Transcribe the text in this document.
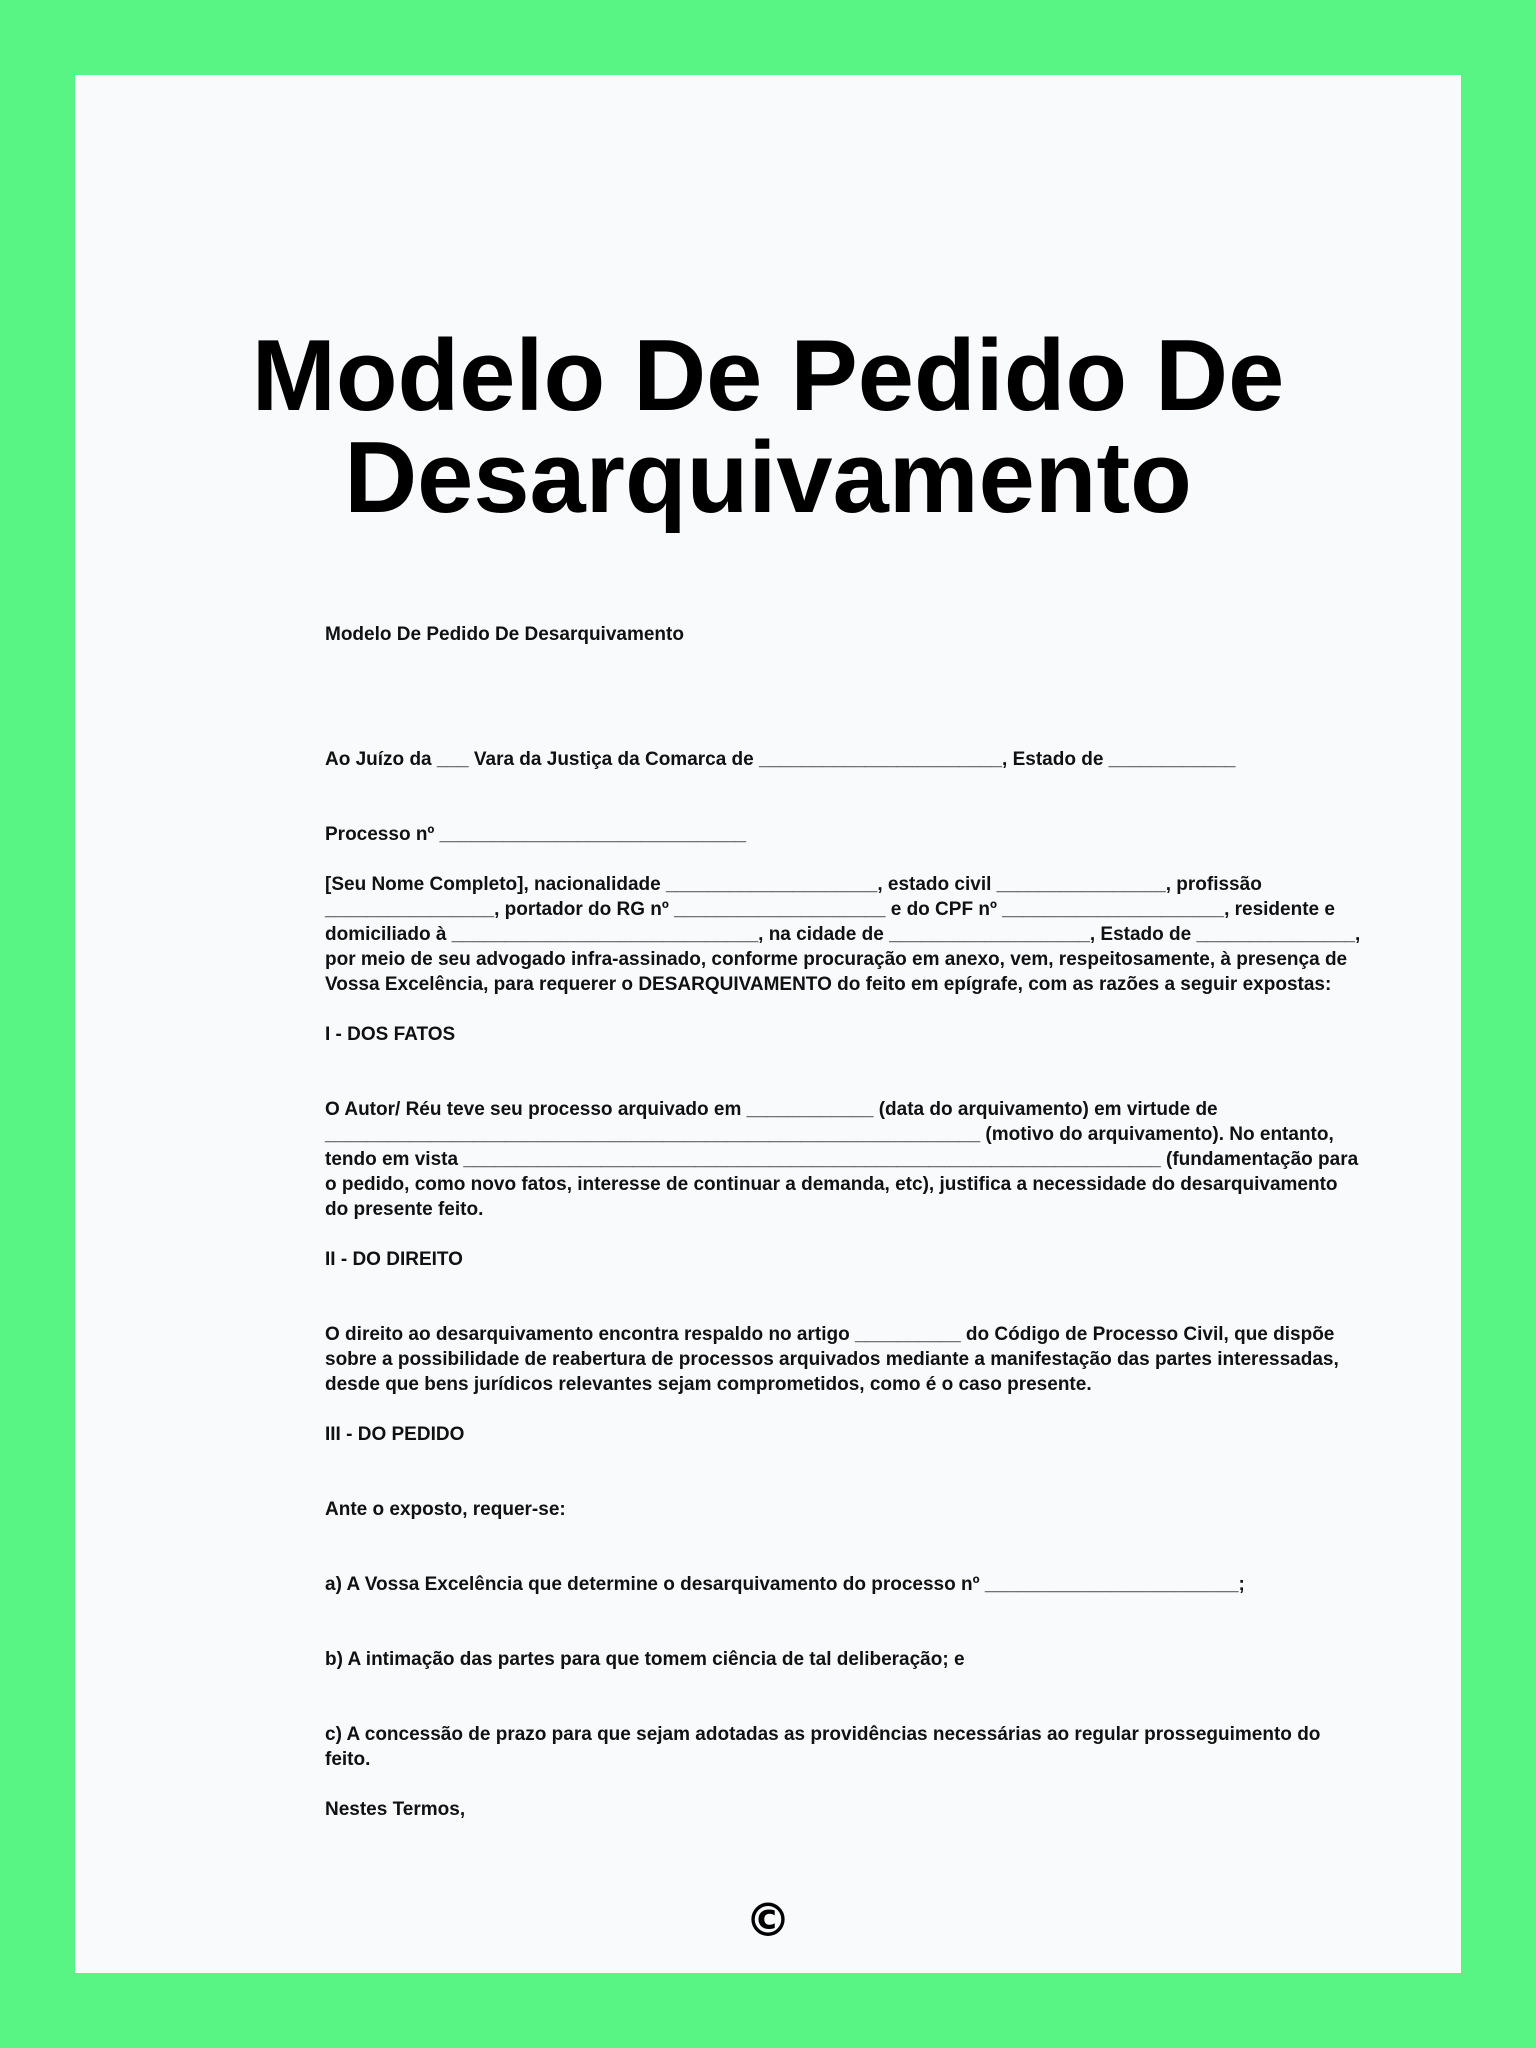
Modelo De Pedido De Desarquivamento

Modelo De Pedido De Desarquivamento

Ao Juízo da ___ Vara da Justiça da Comarca de _______________________, Estado de ____________

Processo nº _____________________________

[Seu Nome Completo], nacionalidade ____________________, estado civil ________________, profissão ________________, portador do RG nº ____________________ e do CPF nº _____________________, residente e domiciliado à _____________________________, na cidade de ___________________, Estado de _______________, por meio de seu advogado infra-assinado, conforme procuração em anexo, vem, respeitosamente, à presença de Vossa Excelência, para requerer o DESARQUIVAMENTO do feito em epígrafe, com as razões a seguir expostas:

I - DOS FATOS

O Autor/ Réu teve seu processo arquivado em ____________ (data do arquivamento) em virtude de ______________________________________________________________ (motivo do arquivamento). No entanto, tendo em vista __________________________________________________________________ (fundamentação para o pedido, como novo fatos, interesse de continuar a demanda, etc), justifica a necessidade do desarquivamento do presente feito.

II - DO DIREITO

O direito ao desarquivamento encontra respaldo no artigo __________ do Código de Processo Civil, que dispõe sobre a possibilidade de reabertura de processos arquivados mediante a manifestação das partes interessadas, desde que bens jurídicos relevantes sejam comprometidos, como é o caso presente.

III - DO PEDIDO

Ante o exposto, requer-se:

a) A Vossa Excelência que determine o desarquivamento do processo nº ________________________;

b) A intimação das partes para que tomem ciência de tal deliberação; e

c) A concessão de prazo para que sejam adotadas as providências necessárias ao regular prosseguimento do feito.

Nestes Termos,

©
